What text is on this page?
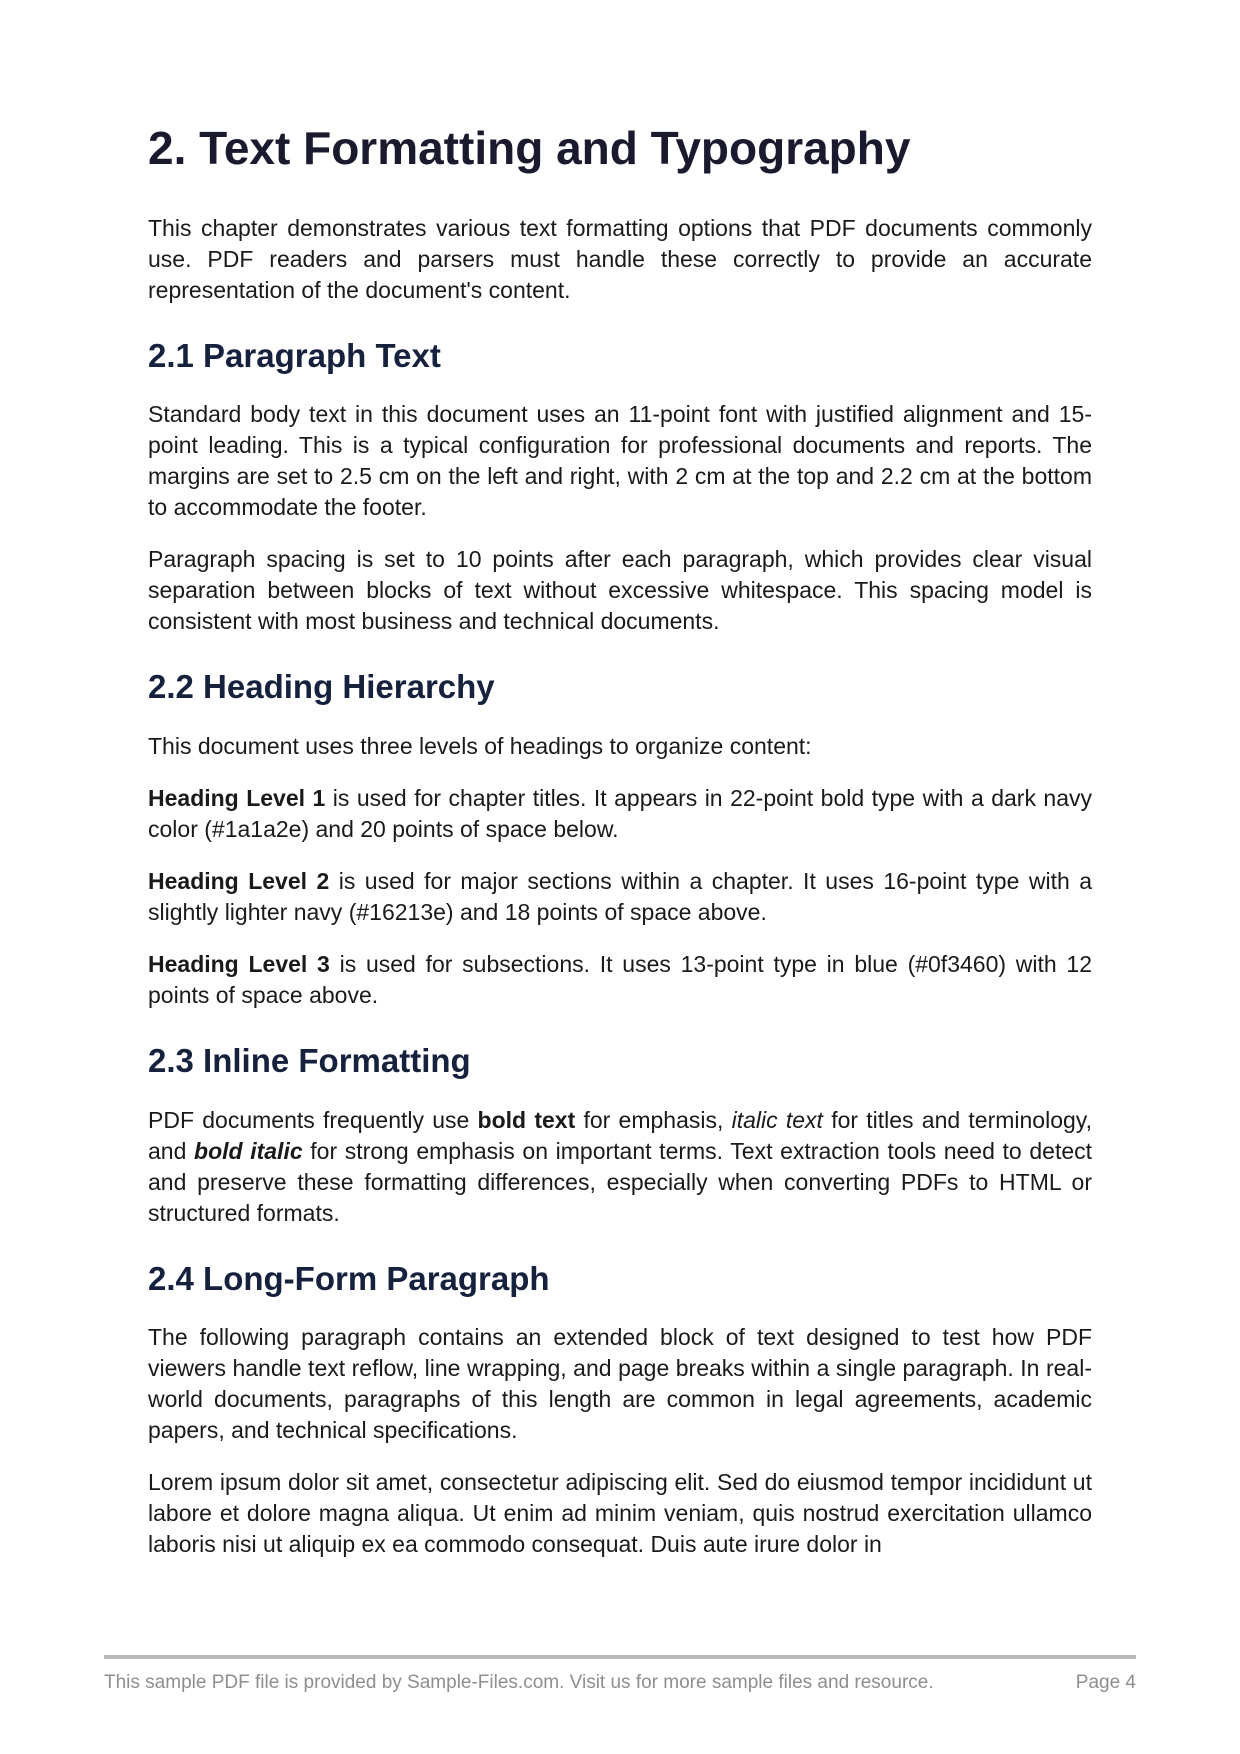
2. Text Formatting and Typography

This chapter demonstrates various text formatting options that PDF documents commonly use. PDF readers and parsers must handle these correctly to provide an accurate representation of the document's content.

2.1 Paragraph Text

Standard body text in this document uses an 11-point font with justified alignment and 15-point leading. This is a typical configuration for professional documents and reports. The margins are set to 2.5 cm on the left and right, with 2 cm at the top and 2.2 cm at the bottom to accommodate the footer.

Paragraph spacing is set to 10 points after each paragraph, which provides clear visual separation between blocks of text without excessive whitespace. This spacing model is consistent with most business and technical documents.

2.2 Heading Hierarchy

This document uses three levels of headings to organize content:

Heading Level 1 is used for chapter titles. It appears in 22-point bold type with a dark navy color (#1a1a2e) and 20 points of space below.

Heading Level 2 is used for major sections within a chapter. It uses 16-point type with a slightly lighter navy (#16213e) and 18 points of space above.

Heading Level 3 is used for subsections. It uses 13-point type in blue (#0f3460) with 12 points of space above.

2.3 Inline Formatting

PDF documents frequently use bold text for emphasis, italic text for titles and terminology, and bold italic for strong emphasis on important terms. Text extraction tools need to detect and preserve these formatting differences, especially when converting PDFs to HTML or structured formats.

2.4 Long-Form Paragraph

The following paragraph contains an extended block of text designed to test how PDF viewers handle text reflow, line wrapping, and page breaks within a single paragraph. In real-world documents, paragraphs of this length are common in legal agreements, academic papers, and technical specifications.

Lorem ipsum dolor sit amet, consectetur adipiscing elit. Sed do eiusmod tempor incididunt ut labore et dolore magna aliqua. Ut enim ad minim veniam, quis nostrud exercitation ullamco laboris nisi ut aliquip ex ea commodo consequat. Duis aute irure dolor in

This sample PDF file is provided by Sample-Files.com. Visit us for more sample files and resource.	Page 4
